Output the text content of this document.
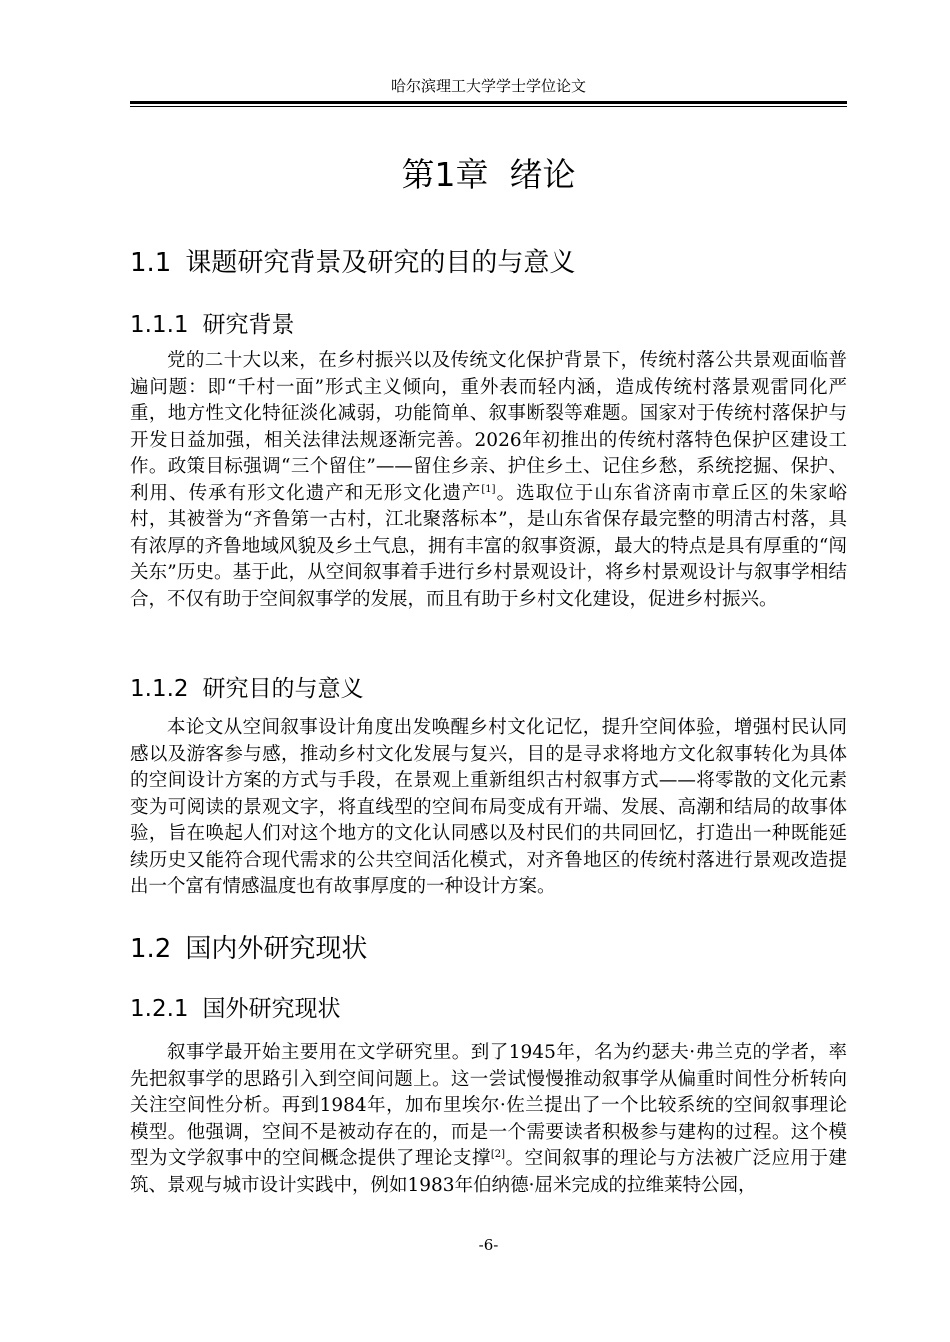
哈尔滨理工大学学士学位论文
第1章  绪论
1.1 课题研究背景及研究的目的与意义
1.1.1 研究背景

党的二十大以来，在乡村振兴以及传统文化保护背景下，传统村落公共景观面临普遍问题：即“千村一面”形式主义倾向，重外表而轻内涵，造成传统村落景观雷同化严重，地方性文化特征淡化减弱，功能简单、叙事断裂等难题。国家对于传统村落保护与开发日益加强，相关法律法规逐渐完善。2026年初推出的传统村落特色保护区建设工作。政策目标强调“三个留住”——留住乡亲、护住乡土、记住乡愁，系统挖掘、保护、利用、传承有形文化遗产和无形文化遗产[1]。选取位于山东省济南市章丘区的朱家峪村，其被誉为“齐鲁第一古村，江北聚落标本”，是山东省保存最完整的明清古村落，具有浓厚的齐鲁地域风貌及乡土气息，拥有丰富的叙事资源，最大的特点是具有厚重的“闯关东”历史。基于此，从空间叙事着手进行乡村景观设计，将乡村景观设计与叙事学相结合，不仅有助于空间叙事学的发展，而且有助于乡村文化建设，促进乡村振兴。

1.1.2 研究目的与意义

本论文从空间叙事设计角度出发唤醒乡村文化记忆，提升空间体验，增强村民认同感以及游客参与感，推动乡村文化发展与复兴，目的是寻求将地方文化叙事转化为具体的空间设计方案的方式与手段，在景观上重新组织古村叙事方式——将零散的文化元素变为可阅读的景观文字，将直线型的空间布局变成有开端、发展、高潮和结局的故事体验，旨在唤起人们对这个地方的文化认同感以及村民们的共同回忆，打造出一种既能延续历史又能符合现代需求的公共空间活化模式，对齐鲁地区的传统村落进行景观改造提出一个富有情感温度也有故事厚度的一种设计方案。

1.2 国内外研究现状
1.2.1 国外研究现状

叙事学最开始主要用在文学研究里。到了1945年，名为约瑟夫·弗兰克的学者，率先把叙事学的思路引入到空间问题上。这一尝试慢慢推动叙事学从偏重时间性分析转向关注空间性分析。再到1984年，加布里埃尔·佐兰提出了一个比较系统的空间叙事理论模型。他强调，空间不是被动存在的，而是一个需要读者积极参与建构的过程。这个模型为文学叙事中的空间概念提供了理论支撑[2]。空间叙事的理论与方法被广泛应用于建筑、景观与城市设计实践中，例如1983年伯纳德·屈米完成的拉维莱特公园，

-6-
